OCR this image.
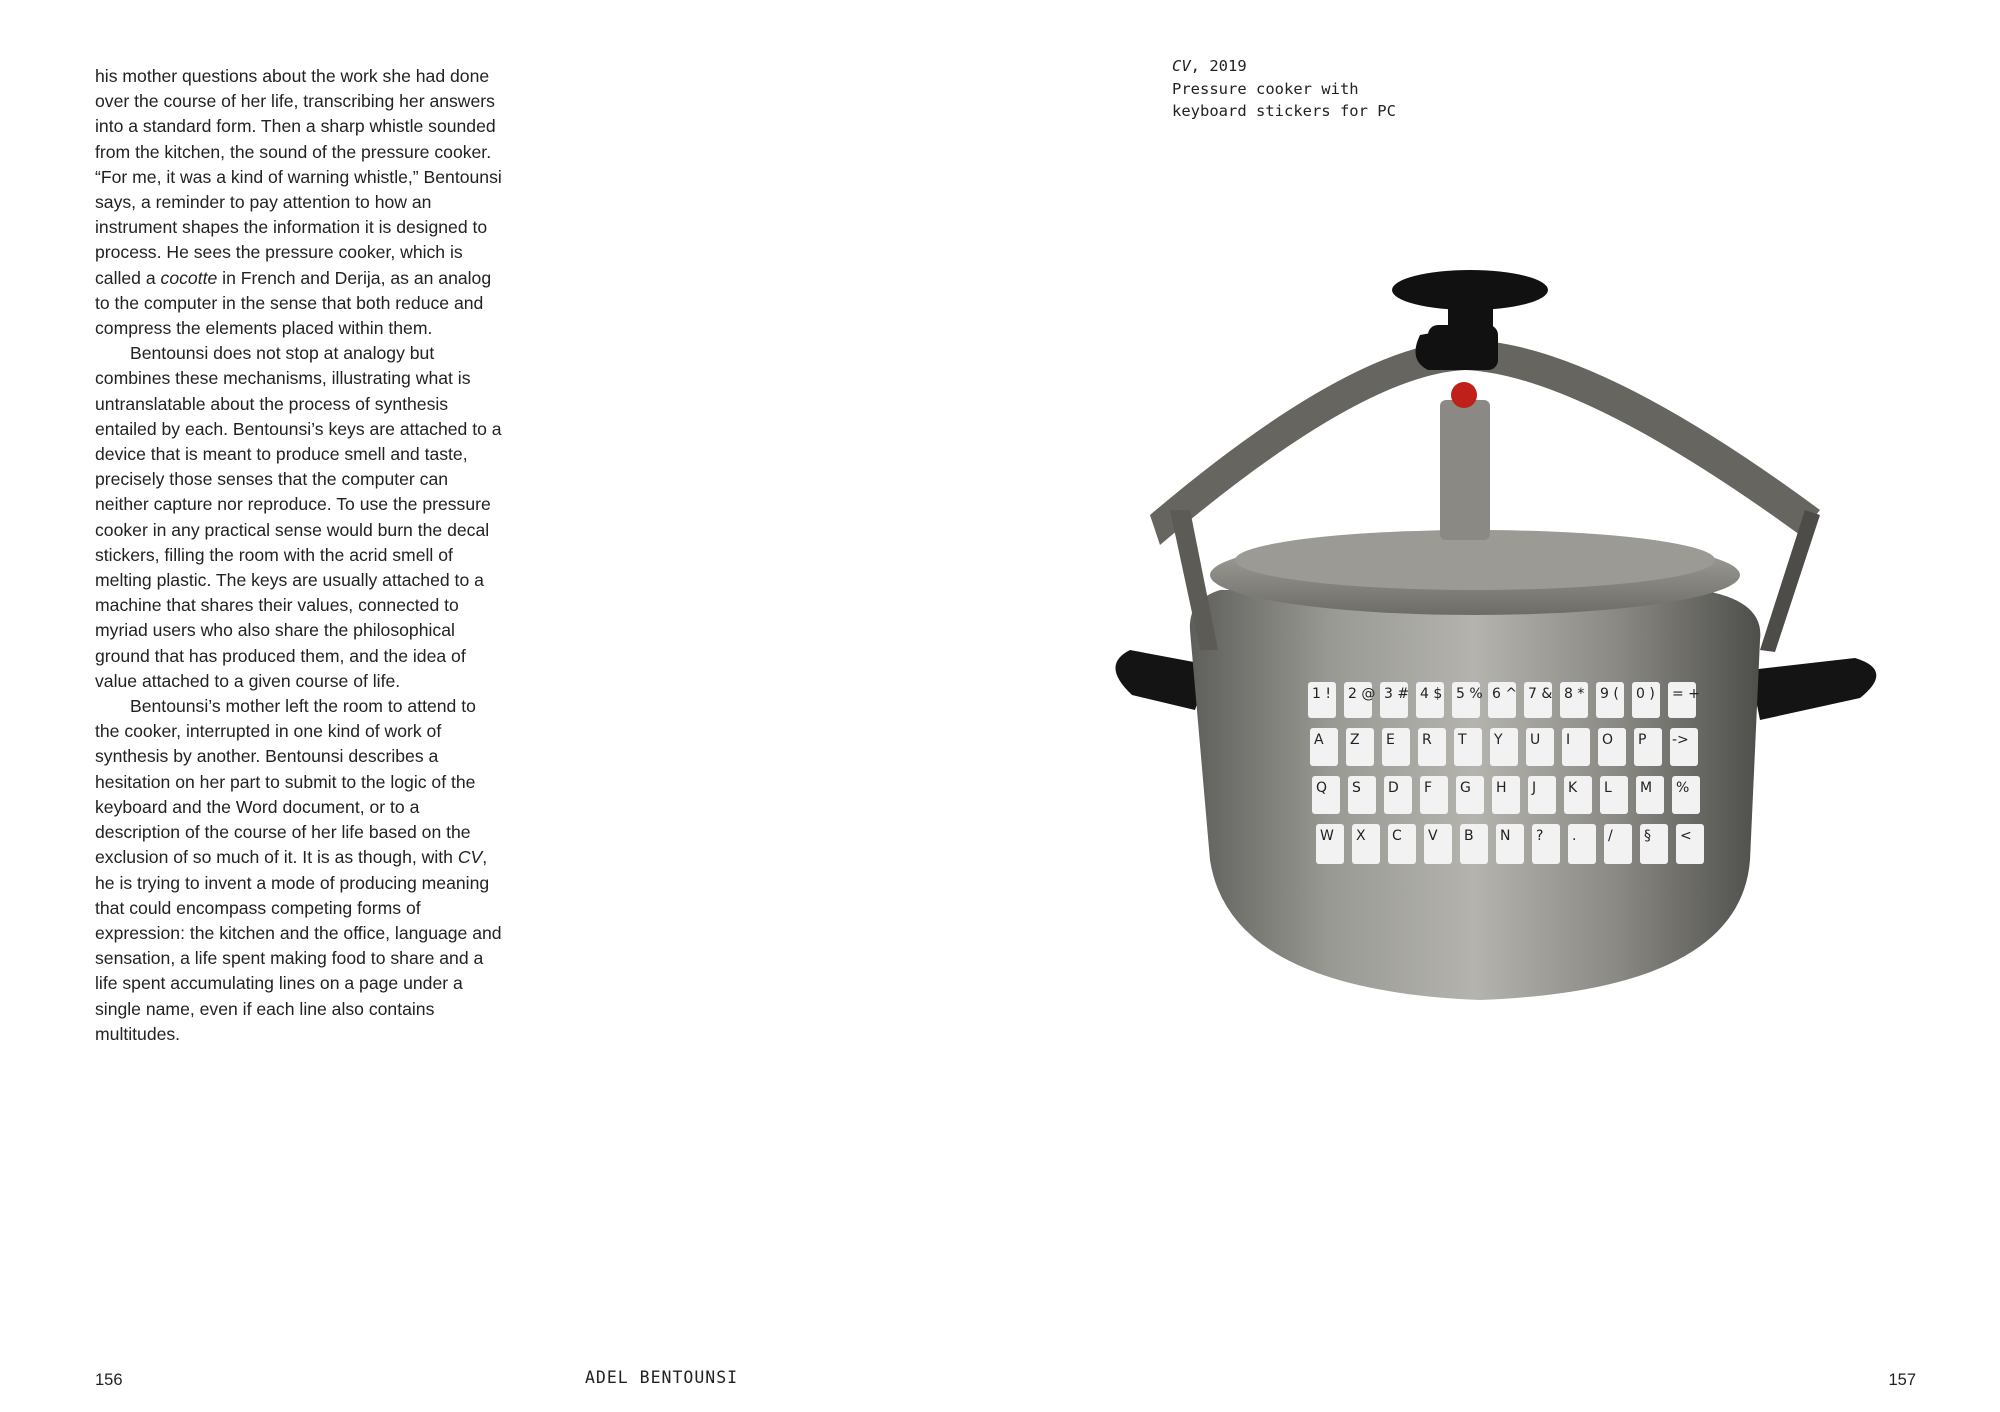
his mother questions about the work she had done over the course of her life, transcribing her answers into a standard form. Then a sharp whistle sounded from the kitchen, the sound of the pressure cooker. “For me, it was a kind of warning whistle,” Bentounsi says, a reminder to pay attention to how an instrument shapes the information it is designed to process. He sees the pressure cooker, which is called a cocotte in French and Derija, as an analog to the computer in the sense that both reduce and compress the elements placed within them.

Bentounsi does not stop at analogy but combines these mechanisms, illustrating what is untranslatable about the process of synthesis entailed by each. Bentounsi’s keys are attached to a device that is meant to produce smell and taste, precisely those senses that the computer can neither capture nor reproduce. To use the pressure cooker in any practical sense would burn the decal stickers, filling the room with the acrid smell of melting plastic. The keys are usually attached to a machine that shares their values, connected to myriad users who also share the philosophical ground that has produced them, and the idea of value attached to a given course of life.

Bentounsi’s mother left the room to attend to the cooker, interrupted in one kind of work of synthesis by another. Bentounsi describes a hesitation on her part to submit to the logic of the keyboard and the Word document, or to a description of the course of her life based on the exclusion of so much of it. It is as though, with CV, he is trying to invent a mode of producing meaning that could encompass competing forms of expression: the kitchen and the office, language and sensation, a life spent making food to share and a life spent accumulating lines on a page under a single name, even if each line also contains multitudes.

CV, 2019
Pressure cooker with
keyboard stickers for PC
1 ! 2 @ 3 # 4 $ 5 % 6 ^ 7 & 8 * 9 ( 0 ) = +
A Z E R T Y U I O P ->
Q S D F G H J K L M %
W X C V B N ? . / § <
156	ADEL BENTOUNSI	157
